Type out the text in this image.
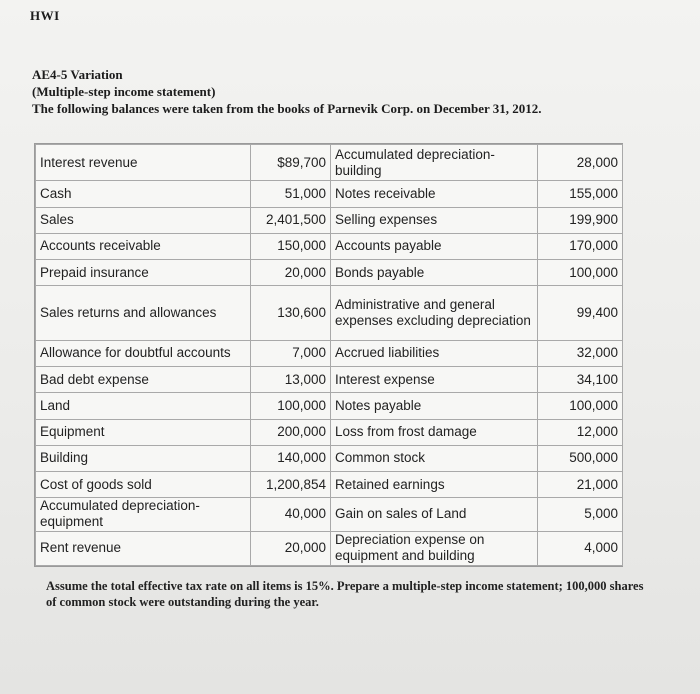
HWI
AE4-5 Variation
(Multiple-step income statement)
The following balances were taken from the books of Parnevik Corp. on December 31, 2012.
Interest revenue	$89,700	Accumulated depreciation-building	28,000
Cash	51,000	Notes receivable	155,000
Sales	2,401,500	Selling expenses	199,900
Accounts receivable	150,000	Accounts payable	170,000
Prepaid insurance	20,000	Bonds payable	100,000
Sales returns and allowances	130,600	Administrative and general expenses excluding depreciation	99,400
Allowance for doubtful accounts	7,000	Accrued liabilities	32,000
Bad debt expense	13,000	Interest expense	34,100
Land	100,000	Notes payable	100,000
Equipment	200,000	Loss from frost damage	12,000
Building	140,000	Common stock	500,000
Cost of goods sold	1,200,854	Retained earnings	21,000
Accumulated depreciation-equipment	40,000	Gain on sales of Land	5,000
Rent revenue	20,000	Depreciation expense on equipment and building	4,000
Assume the total effective tax rate on all items is 15%. Prepare a multiple-step income statement; 100,000 shares of common stock were outstanding during the year.
